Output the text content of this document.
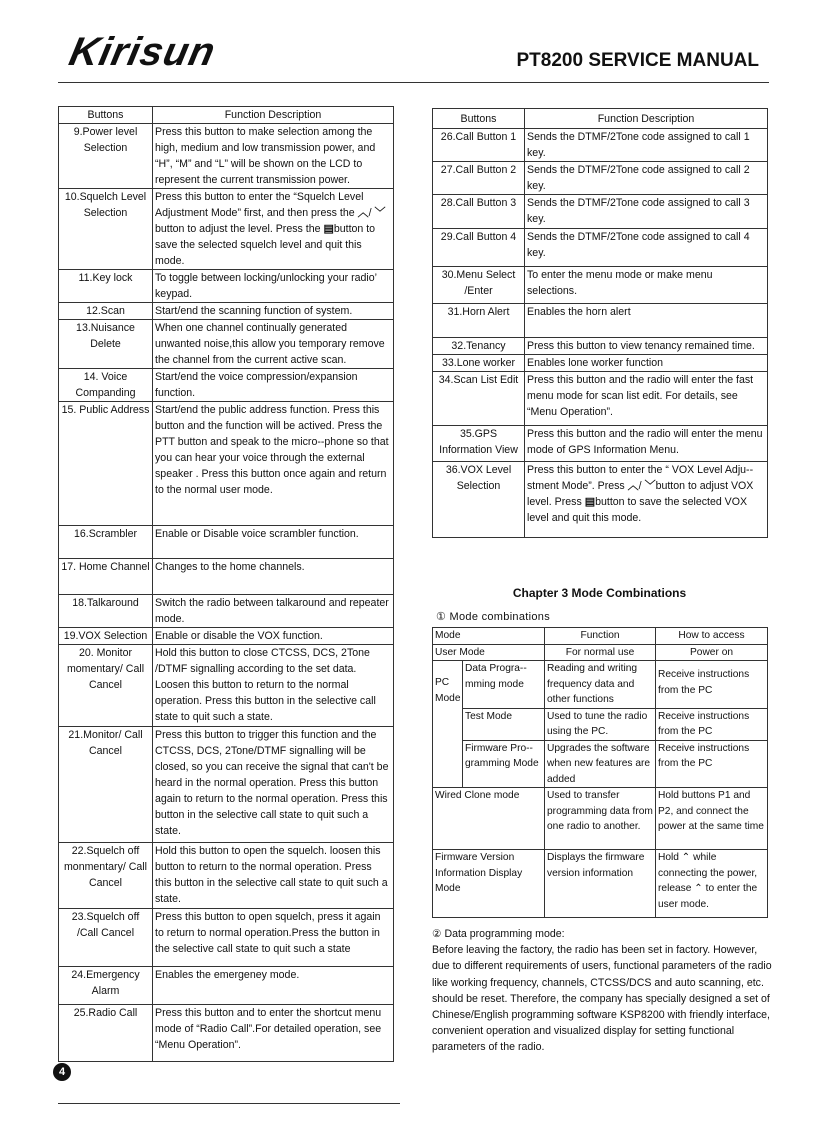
Kirisun	PT8200 SERVICE MANUAL
Buttons	Function Description
9.Power level Selection	Press this button to make selection among the high, medium and low transmission power, and “H”, “M” and “L” will be shown on the LCD to represent the current transmission power.
10.Squelch Level Selection	Press this button to enter the “Squelch Level Adjustment Mode” first, and then press the ︿/ ﹀button to adjust the level. Press the ▤button to save the selected squelch level and quit this mode.
11.Key lock	To toggle between locking/unlocking your radio’ keypad.
12.Scan	Start/end the scanning function of system.
13.Nuisance Delete	When one channel continually generated unwanted noise,this allow you temporary remove the channel from the current active scan.
14. Voice Companding	Start/end the voice compression/expansion function.
15. Public Address	Start/end the public address function. Press this button and the function will be actived. Press the PTT button and speak to the micro--phone so that you can hear your voice through the external speaker . Press this button once again and return to the normal user mode.
16.Scrambler	Enable or Disable voice scrambler function.
17. Home Channel	Changes to the home channels.
18.Talkaround	Switch the radio between talkaround and repeater mode.
19.VOX Selection	Enable or disable the VOX function.
20. Monitor momentary/ Call Cancel	Hold this button to close CTCSS, DCS, 2Tone /DTMF signalling according to the set data. Loosen this button to return to the normal operation. Press this button in the selective call state to quit such a state.
21.Monitor/ Call Cancel	Press this button to trigger this function and the CTCSS, DCS, 2Tone/DTMF signalling will be closed, so you can receive the signal that can't be heard in the normal operation. Press this button again to return to the normal operation. Press this button in the selective call state to quit such a state.
22.Squelch off monmentary/ Call Cancel	Hold this button to open the squelch. loosen this button to return to the normal operation. Press this button in the selective call state to quit such a state.
23.Squelch off /Call Cancel	Press this button to open squelch, press it again to return to normal operation.Press the button in the selective call state to quit such a state
24.Emergency Alarm	Enables the emergeney mode.
25.Radio Call	Press this button and to enter the shortcut menu mode of “Radio Call”.For detailed operation, see “Menu Operation”.
Buttons	Function Description
26.Call Button 1	Sends the DTMF/2Tone code assigned to call 1 key.
27.Call Button 2	Sends the DTMF/2Tone code assigned to call 2 key.
28.Call Button 3	Sends the DTMF/2Tone code assigned to call 3 key.
29.Call Button 4	Sends the DTMF/2Tone code assigned to call 4 key.
30.Menu Select /Enter	To enter the menu mode or make menu selections.
31.Horn Alert	Enables the horn alert
32.Tenancy	Press this button to view tenancy remained time.
33.Lone worker	Enables lone worker function
34.Scan List Edit	Press this button and the radio will enter the fast menu mode for scan list edit. For details, see “Menu Operation”.
35.GPS Information View	Press this button and the radio will enter the menu mode of GPS Information Menu.
36.VOX Level Selection	Press this button to enter the “ VOX Level Adju--stment Mode”. Press ︿/ ﹀button to adjust VOX level. Press ▤button to save the selected VOX level and quit this mode.
Chapter 3 Mode Combinations
① Mode combinations
Mode		Function	How to access
User Mode		For normal use	Power on
PC Mode	Data Progra--mming mode	Reading and writing frequency data and other functions	Receive instructions from the PC
	Test Mode	Used to tune the radio using the PC.	Receive instructions from the PC
	Firmware Pro--gramming Mode	Upgrades the software when new features are added	Receive instructions from the PC
Wired Clone mode		Used to transfer programming data from one radio to another.	Hold buttons P1 and P2, and connect the power at the same time
Firmware Version Information Display Mode		Displays the firmware version information	Hold ⌃ while connecting the power, release ⌃ to enter the user mode.
② Data programming mode:
Before leaving the factory, the radio has been set in factory. However, due to different requirements of users, functional parameters of the radio like working frequency, channels, CTCSS/DCS and auto scanning, etc. should be reset. Therefore, the company has specially designed a set of Chinese/English programming software KSP8200 with friendly interface, convenient operation and visualized display for setting functional parameters of the radio.
4
